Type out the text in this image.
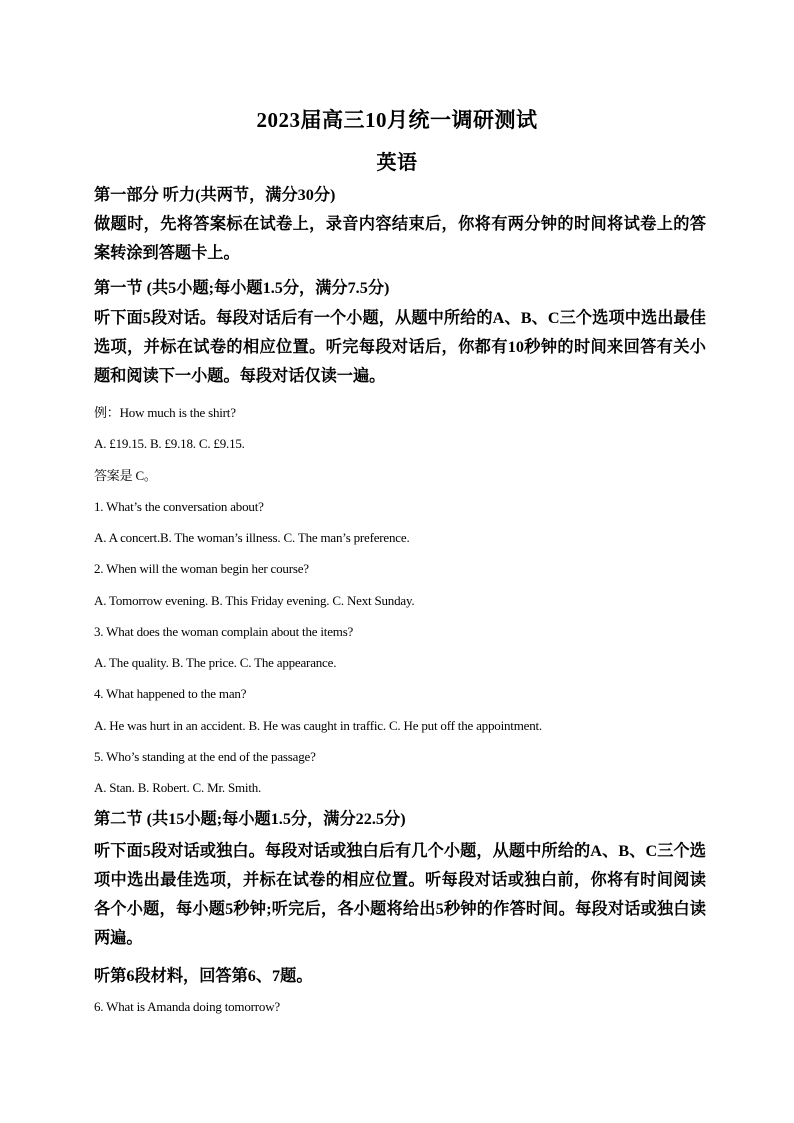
2023届高三10月统一调研测试
英语
第一部分 听力(共两节，满分30分)
做题时，先将答案标在试卷上，录音内容结束后，你将有两分钟的时间将试卷上的答案转涂到答题卡上。
第一节 (共5小题;每小题1.5分，满分7.5分)
听下面5段对话。每段对话后有一个小题，从题中所给的A、B、C三个选项中选出最佳选项，并标在试卷的相应位置。听完每段对话后，你都有10秒钟的时间来回答有关小题和阅读下一小题。每段对话仅读一遍。
例：How much is the shirt?
A. £19.15. B. £9.18. C. £9.15.
答案是 C。
1. What’s the conversation about?
A. A concert.B. The woman’s illness. C. The man’s preference.
2. When will the woman begin her course?
A. Tomorrow evening. B. This Friday evening. C. Next Sunday.
3. What does the woman complain about the items?
A. The quality. B. The price. C. The appearance.
4. What happened to the man?
A. He was hurt in an accident. B. He was caught in traffic. C. He put off the appointment.
5. Who’s standing at the end of the passage?
A. Stan. B. Robert. C. Mr. Smith.
第二节 (共15小题;每小题1.5分，满分22.5分)
听下面5段对话或独白。每段对话或独白后有几个小题，从题中所给的A、B、C三个选项中选出最佳选项，并标在试卷的相应位置。听每段对话或独白前，你将有时间阅读各个小题，每小题5秒钟;听完后，各小题将给出5秒钟的作答时间。每段对话或独白读两遍。
听第6段材料，回答第6、7题。
6. What is Amanda doing tomorrow?
